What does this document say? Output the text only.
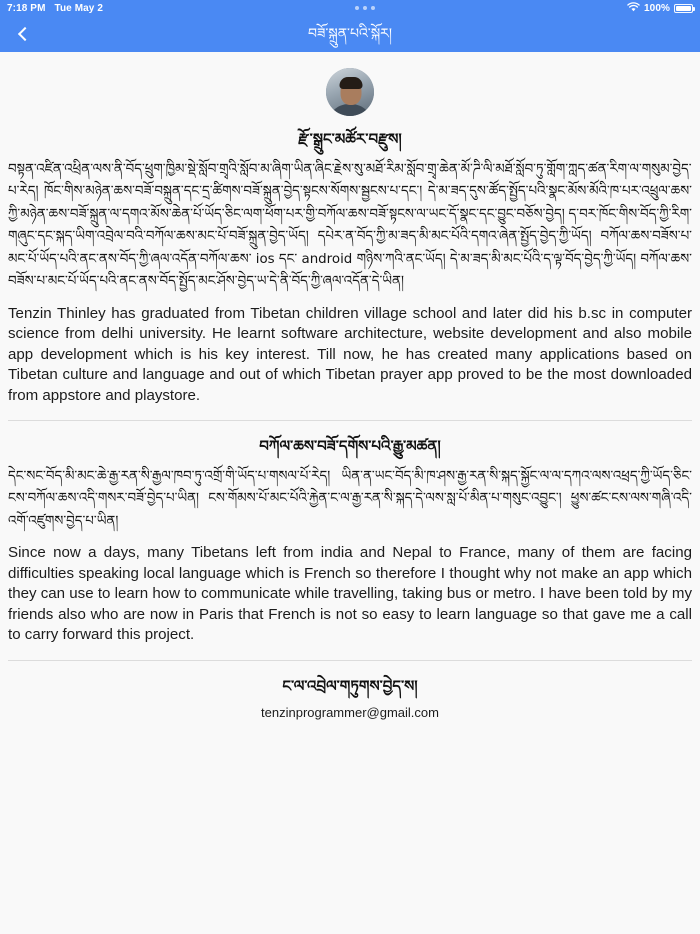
7:18 PM Tue May 2	100%
བཟོ་སྐྲུན་པའི་སྐོར།
རྫོ་སྒྲུང་མཚོར་བརྫུས།

བསྟན་འཛིན་འཕྲིན་ལས་ནི་བོད་ཕྲུག་ཁྱིམ་སྡེ་སློབ་གྲྭའི་སློབ་མ་ཞིག་ཡིན་ཞིང་རྗེས་སུ་མཐོ་རིམ་སློབ་གྲྭ་ཆེན་མོ་ཌི་ལི་མཐོ་སློབ་ཏུ་གློག་ཀླད་ཚན་རིག་ལ་གསུམ་བྱེད་པ་རེད། ཁོང་གིས་མཉེན་ཆས་བཟོ་བསྐྲུན་དང་དྲ་ཚིགས་བཟོ་སྐྲུན་བྱེད་སྟངས་སོགས་སྦྱངས་པ་དང་། དེ་མ་ཟད་དུས་ཚོད་སྤྱོད་པའི་སྣང་མོས་མོའི་ཁ་པར་འཕྲུལ་ཆས་ཀྱི་མཉེན་ཆས་བཟོ་སྐྲུན་ལ་དགའ་མོས་ཆེན་པོ་ཡོད་ཅིང་ལག་ཕོག་པར་གྱི་བཀོལ་ཆས་བཟོ་སྟངས་ལ་ཡང་དོ་སྣང་དང་བྱུང་བཅོས་བྱེད། ད་བར་ཁོང་གིས་བོད་ཀྱི་རིག་གཞུང་དང་སྐད་ཡིག་འབྲེལ་བའི་བཀོལ་ཆས་མང་པོ་བཟོ་སྐྲུན་བྱེད་ཡོད། དཔེར་ན་བོད་ཀྱི་མ་ཟད་མི་མང་པོའི་དགའ་ཞེན་སྤྱོད་བྱེད་ཀྱི་ཡོད། བཀོལ་ཆས་བཟོས་པ་མང་པོ་ཡོད་པའི་ནང་ནས་བོད་ཀྱི་ཞལ་འདོན་བཀོལ་ཆས་ ios དང་ android གཉིས་ཀའི་ནང་ཡོད། དེ་མ་ཟད་མི་མང་པོའི་ད་ལྟ་བོད་བྱེད་ཀྱི་ཡོད། བཀོལ་ཆས་བཟོས་པ་མང་པོ་ཡོད་པའི་ནང་ནས་བོད་སྤྱོད་མང་ཤོས་བྱེད་ཡ་དེ་ནི་བོད་ཀྱི་ཞལ་འདོན་དེ་ཡིན།

Tenzin Thinley has graduated from Tibetan children village school and later did his b.sc in computer science from delhi university. He learnt software architecture, website development and also mobile app development which is his key interest. Till now, he has created many applications based on Tibetan culture and language and out of which Tibetan prayer app proved to be the most downloaded from appstore and playstore.

བཀོལ་ཆས་བཟོ་དགོས་པའི་རྒྱུ་མཚན།

དེང་སང་བོད་མི་མང་ཆེ་རྒྱ་རན་སི་རྒྱལ་ཁབ་ཏུ་འགྲོ་གི་ཡོད་པ་གསལ་པོ་རེད། ཡིན་ན་ཡང་བོད་མི་ཁ་ཤས་རྒྱ་རན་སི་སྐད་སྐྱོང་ལ་ལ་དཀའ་ལས་འཕྲད་ཀྱི་ཡོད་ཅིང་ངས་བཀོལ་ཆས་འདི་གསར་བཟོ་བྱེད་པ་ཡིན། ངས་གོམས་པོ་མང་པོའི་རྐྱེན་ང་ལ་རྒྱ་རན་སི་སྐད་དེ་ལས་སླ་པོ་མིན་པ་གསུང་འབྱུང་། ཕྱུས་ཚང་ངས་ལས་གཞི་འདི་འགོ་འཛུགས་བྱེད་པ་ཡིན།

Since now a days, many Tibetans left from india and Nepal to France, many of them are facing difficulties speaking local language which is French so therefore I thought why not make an app which they can use to learn how to communicate while travelling, taking bus or metro. I have been told by my friends also who are now in Paris that French is not so easy to learn language so that gave me a call to carry forward this project.

ང་ལ་འབྲེལ་གཏུགས་བྱེད་ས།
tenzinprogrammer@gmail.com
